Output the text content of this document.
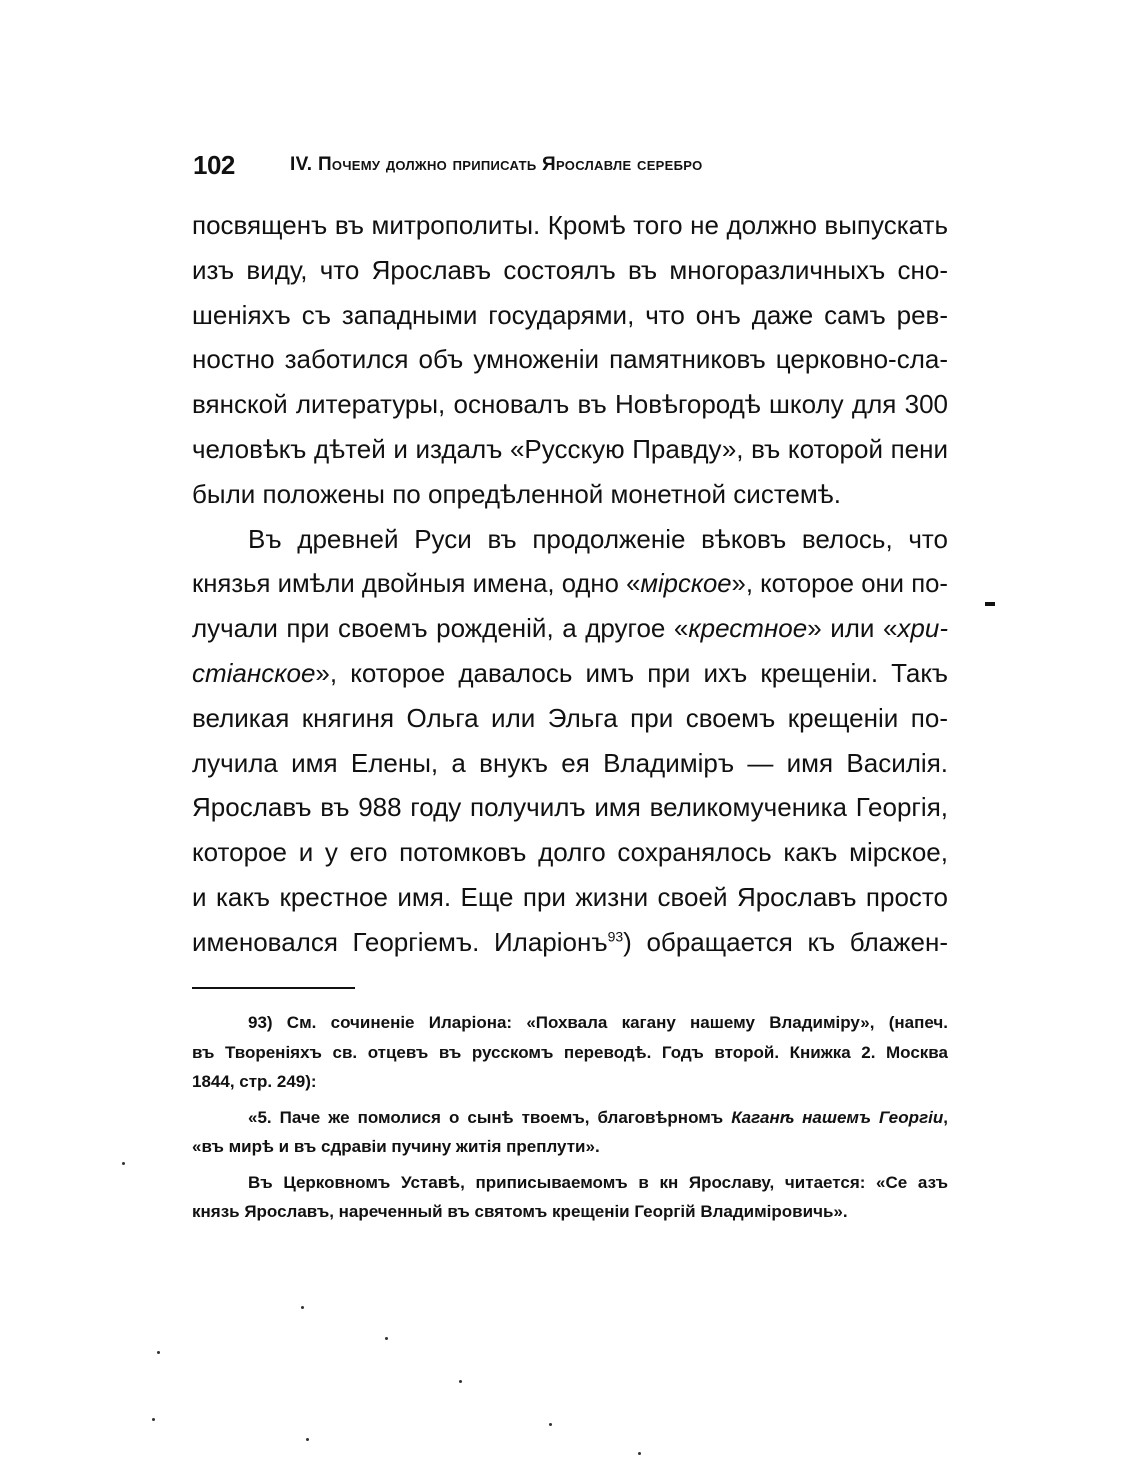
102	IV. Почему должно приписать Ярославле серебро

посвященъ въ митрополиты. Кромѣ того не должно выпускать
изъ виду, что Ярославъ состоялъ въ многоразличныхъ сно-
шеніяхъ съ западными государями, что онъ даже самъ рев-
ностно заботился объ умноженіи памятниковъ церковно-сла-
вянской литературы, основалъ въ Новѣгородѣ школу для 300
человѣкъ дѣтей и издалъ «Русскую Правду», въ которой пени
были положены по опредѣленной монетной системѣ.

Въ древней Руси въ продолженіе вѣковъ велось, что
князья имѣли двойныя имена, одно «мірское», которое они по-
лучали при своемъ рожденій, а другое «крестное» или «хри-
стіанское», которое давалось имъ при ихъ крещеніи. Такъ
великая княгиня Ольга или Эльга при своемъ крещеніи по-
лучила имя Елены, а внукъ ея Владиміръ — имя Василія.
Ярославъ въ 988 году получилъ имя великомученика Георгія,
которое и у его потомковъ долго сохранялось какъ мірское,
и какъ крестное имя. Еще при жизни своей Ярославъ просто
именовался Георгіемъ. Иларіонъ$^{93}$) обращается къ блажен-

93) См. сочиненіе Иларіона: «Похвала кагану нашему Владиміру», (напеч.
въ Твореніяхъ св. отцевъ въ русскомъ переводѣ. Годъ второй. Книжка 2. Москва
1844, стр. 249):
«5. Паче же помолися о сынѣ твоемъ, благовѣрномъ Каганѣ нашемъ Георгіи,
«въ мирѣ и въ сдравіи пучину житія преплути».
Въ Церковномъ Уставѣ, приписываемомъ в кн Ярославу, читается: «Се азъ
князь Ярославъ, нареченный въ святомъ крещеніи Георгій Владиміровичь».
